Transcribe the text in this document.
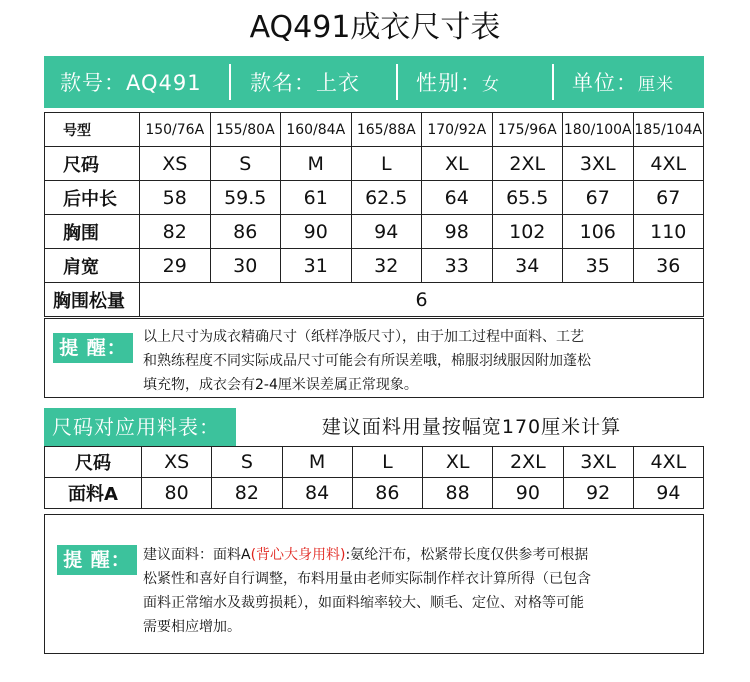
AQ491成衣尺寸表
款号：AQ491 款名：上衣	性别： 女	单位： 厘米
号型	150/76A	155/80A	160/84A	165/88A	170/92A	175/96A	180/100A	185/104A
尺码	XS	S	M	L	XL	2XL	3XL	4XL
后中长	58	59.5	61	62.5	64	65.5	67	67
胸围	82	86	90	94	98	102	106	110
肩宽	29	30	31	32	33	34	35	36
胸围松量	6							
提 醒：	以上尺寸为成衣精确尺寸（纸样净版尺寸），由于加工过程中面料、工艺
和熟练程度不同实际成品尺寸可能会有所误差哦，棉服羽绒服因附加蓬松
填充物，成衣会有2-4厘米误差属正常现象。
尺码对应用料表：	建议面料用量按幅宽170厘米计算
尺码	XS	S	M	L	XL	2XL	3XL	4XL
面料A	80	82	84	86	88	90	92	94
提 醒： 建议面料：面料A(背心大身用料):氨纶汗布，松紧带长度仅供参考可根据
松紧性和喜好自行调整，布料用量由老师实际制作样衣计算所得（已包含
面料正常缩水及裁剪损耗），如面料缩率较大、顺毛、定位、对格等可能
需要相应增加。
